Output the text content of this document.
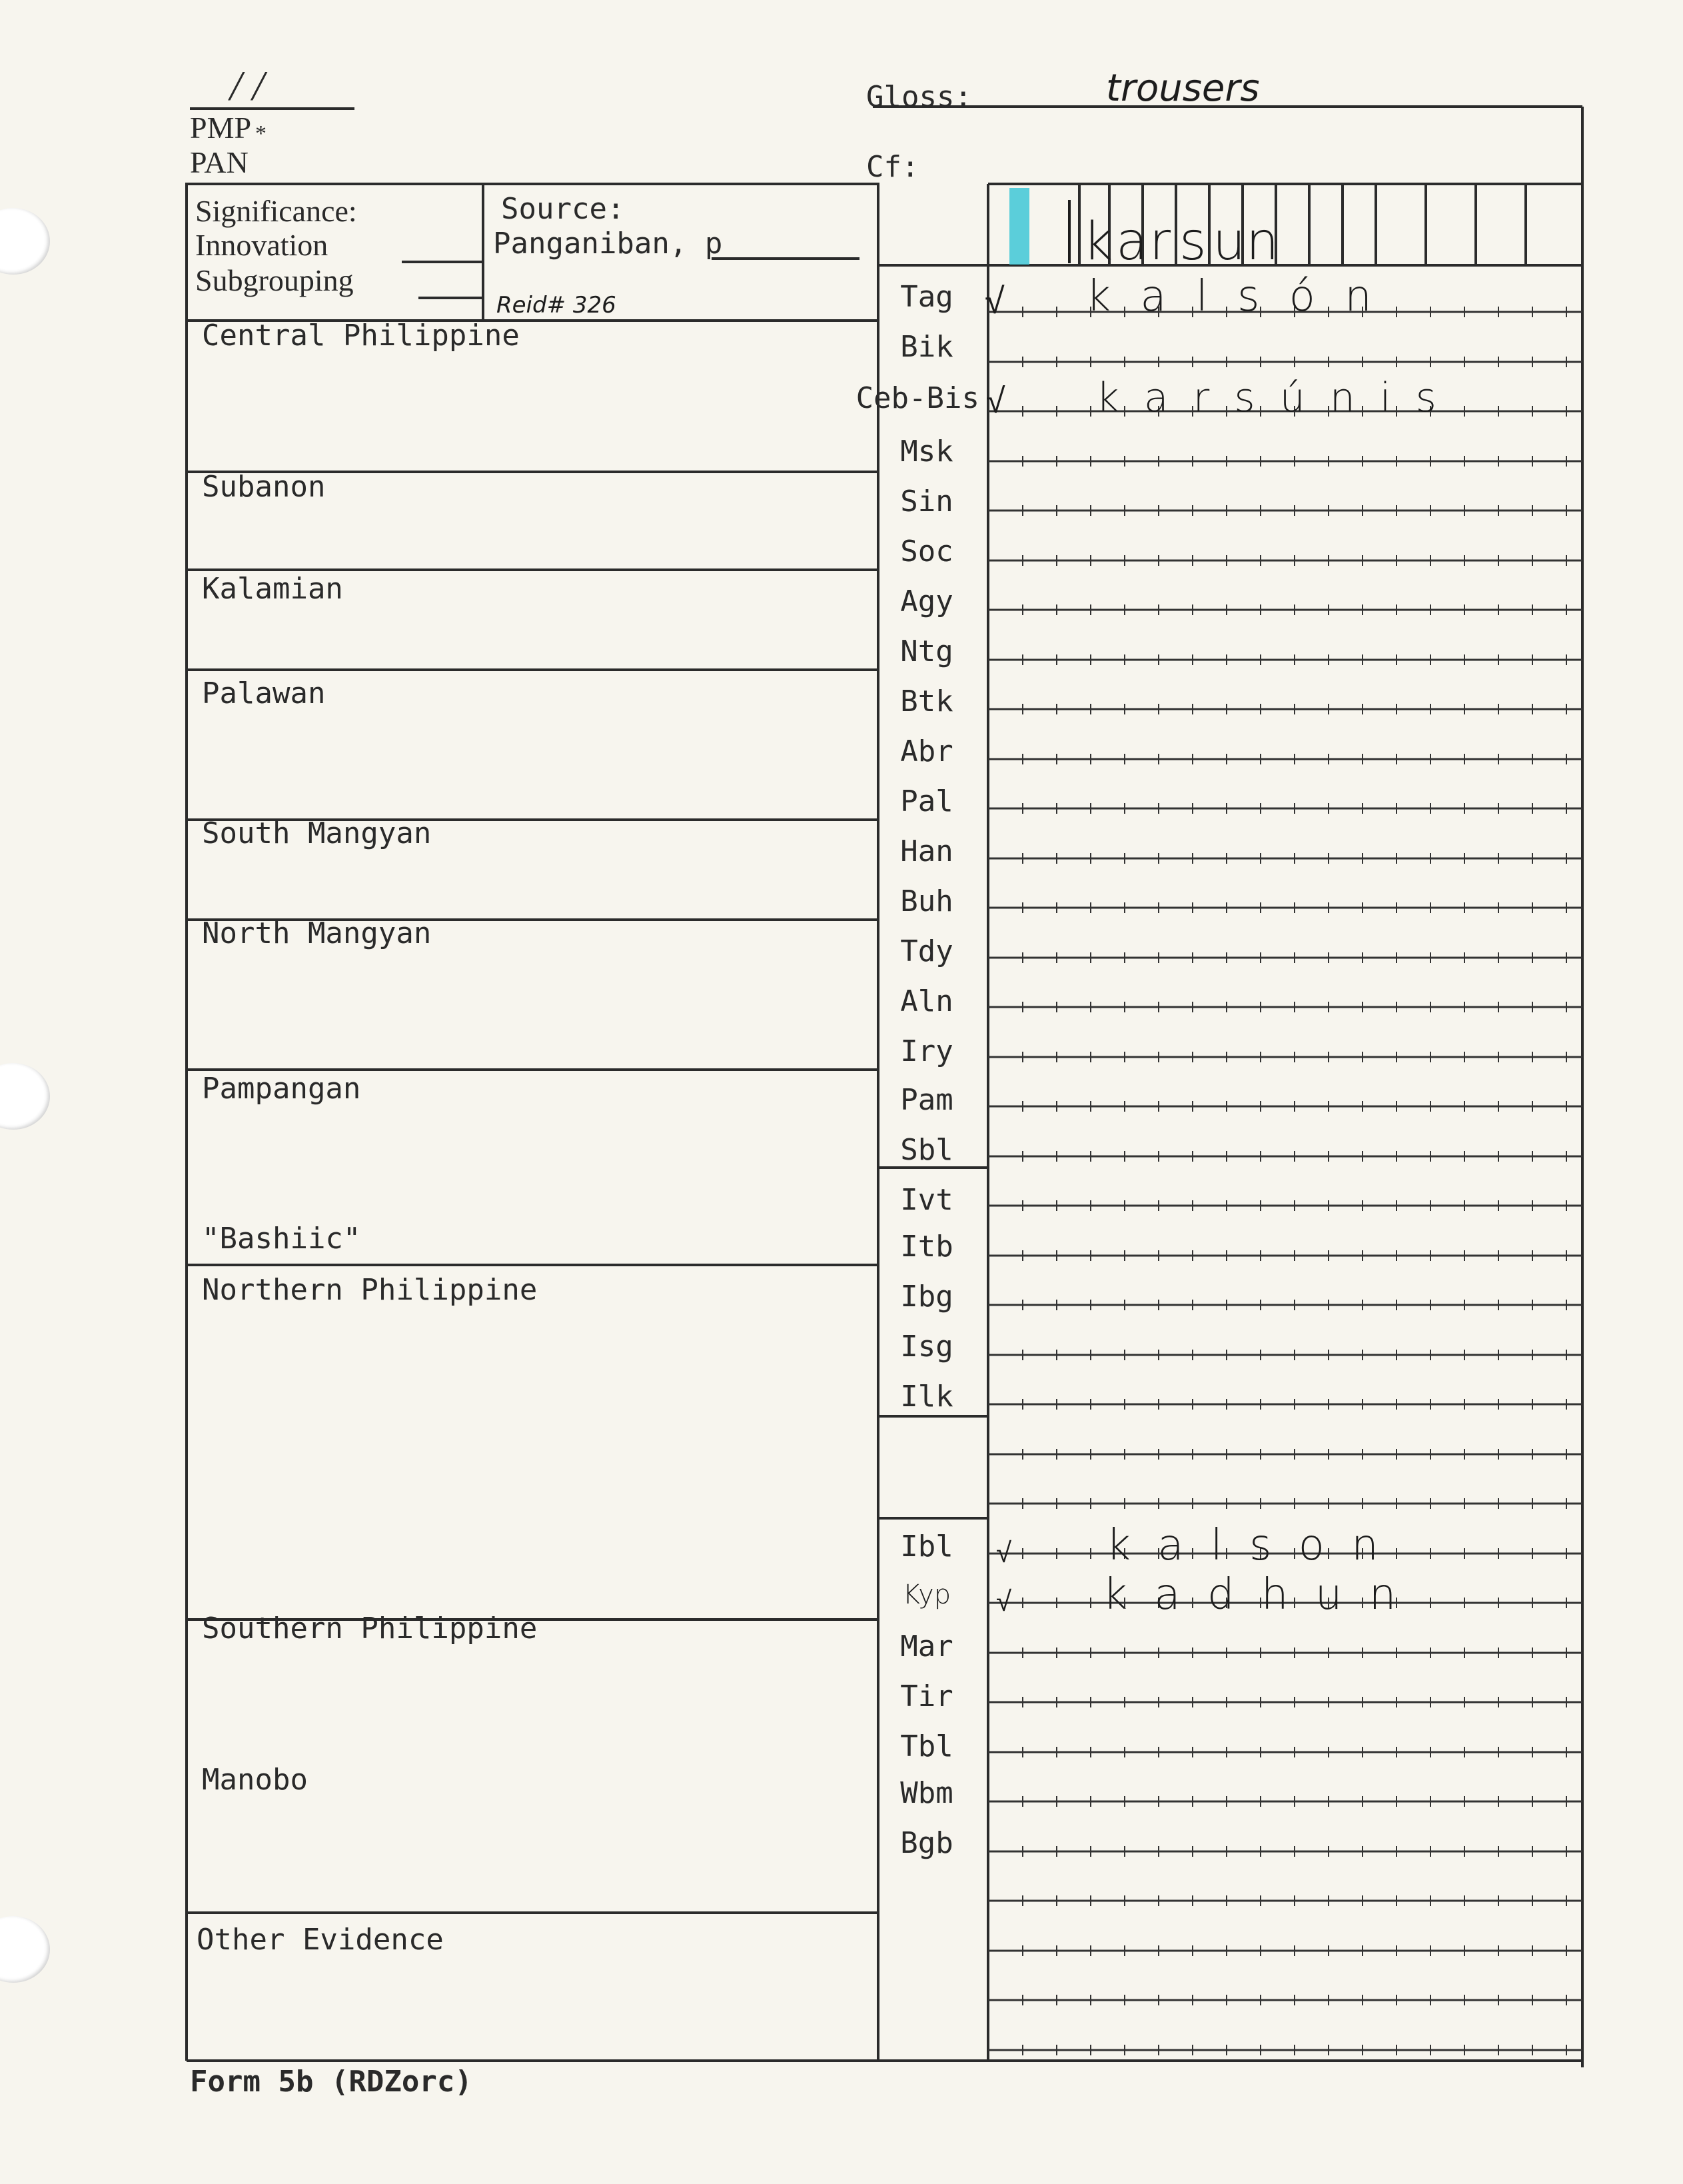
/ /
PMP *
PAN
Gloss:	trousers
Cf:
Significance:
Innovation
Subgrouping
Source:
Panganiban, p
Reid# 326
k a r s u n
Central Philippine
Subanon
Kalamian
Palawan
South Mangyan
North Mangyan
Pampangan
"Bashiic"
Northern Philippine
Southern Philippine
Manobo
Other Evidence
Tag
Bik
Ceb-Bis
Msk
Sin
Soc
Agy
Ntg
Btk
Abr
Pal
Han
Buh
Tdy
Aln
Iry
Pam
Sbl
Ivt
Itb
Ibg
Isg
Ilk
Ibl
Kyp
Mar
Tir
Tbl
Wbm
Bgb
√ k a l s ó n
√ k a r s ú n i s
√ k a l s o n
√ k a d h u n
Form 5b (RDZorc)
